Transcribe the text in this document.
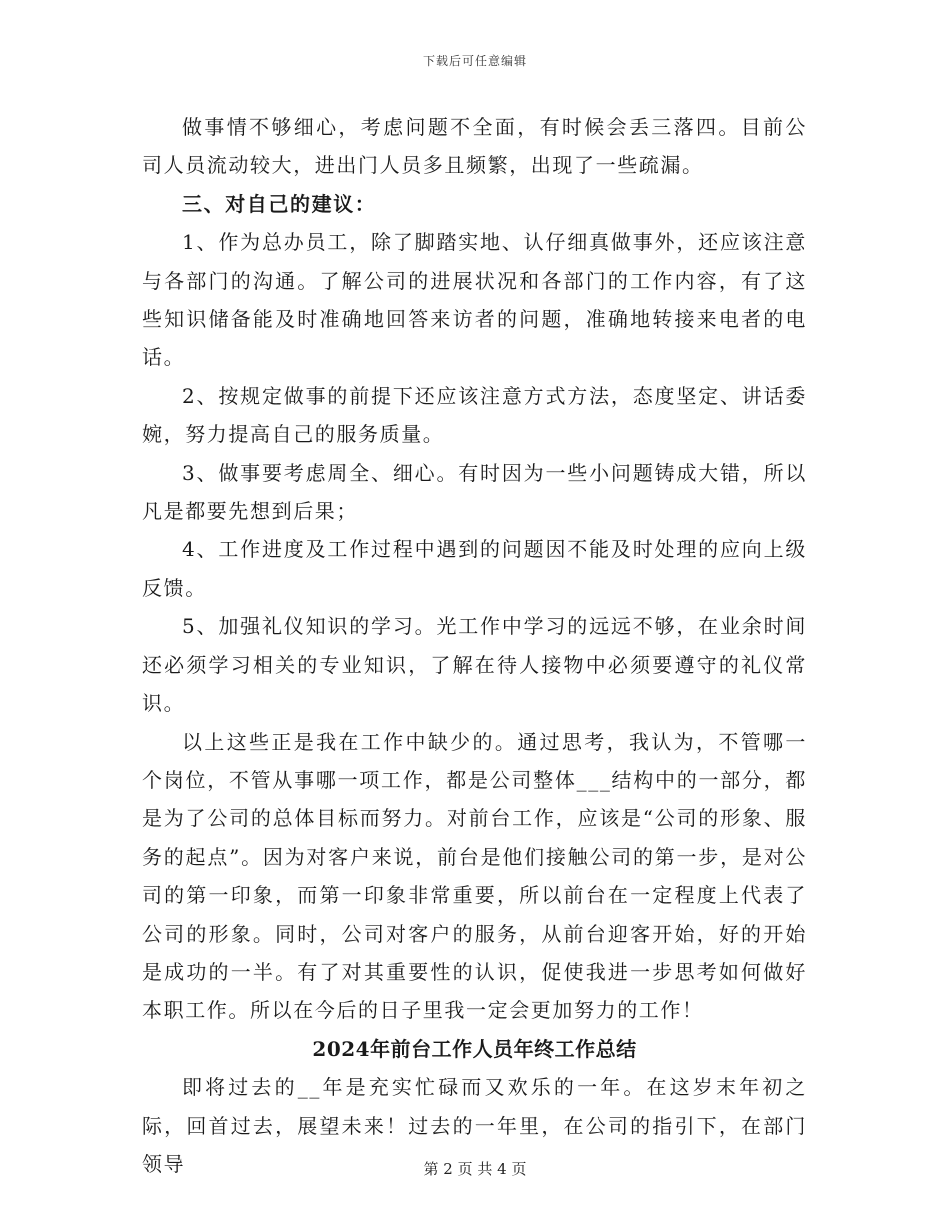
下载后可任意编辑

做事情不够细心，考虑问题不全面，有时候会丢三落四。目前公司人员流动较大，进出门人员多且频繁，出现了一些疏漏。

三、对自己的建议：

1、作为总办员工，除了脚踏实地、认仔细真做事外，还应该注意与各部门的沟通。了解公司的进展状况和各部门的工作内容，有了这些知识储备能及时准确地回答来访者的问题，准确地转接来电者的电话。

2、按规定做事的前提下还应该注意方式方法，态度坚定、讲话委婉，努力提高自己的服务质量。

3、做事要考虑周全、细心。有时因为一些小问题铸成大错，所以凡是都要先想到后果；

4、工作进度及工作过程中遇到的问题因不能及时处理的应向上级反馈。

5、加强礼仪知识的学习。光工作中学习的远远不够，在业余时间还必须学习相关的专业知识，了解在待人接物中必须要遵守的礼仪常识。

以上这些正是我在工作中缺少的。通过思考，我认为，不管哪一个岗位，不管从事哪一项工作，都是公司整体___结构中的一部分，都是为了公司的总体目标而努力。对前台工作，应该是“公司的形象、服务的起点”。因为对客户来说，前台是他们接触公司的第一步，是对公司的第一印象，而第一印象非常重要，所以前台在一定程度上代表了公司的形象。同时，公司对客户的服务，从前台迎客开始，好的开始是成功的一半。有了对其重要性的认识，促使我进一步思考如何做好本职工作。所以在今后的日子里我一定会更加努力的工作！

2024年前台工作人员年终工作总结

即将过去的__年是充实忙碌而又欢乐的一年。在这岁末年初之际，回首过去，展望未来！过去的一年里，在公司的指引下，在部门领导	第 2 页 共 4 页
